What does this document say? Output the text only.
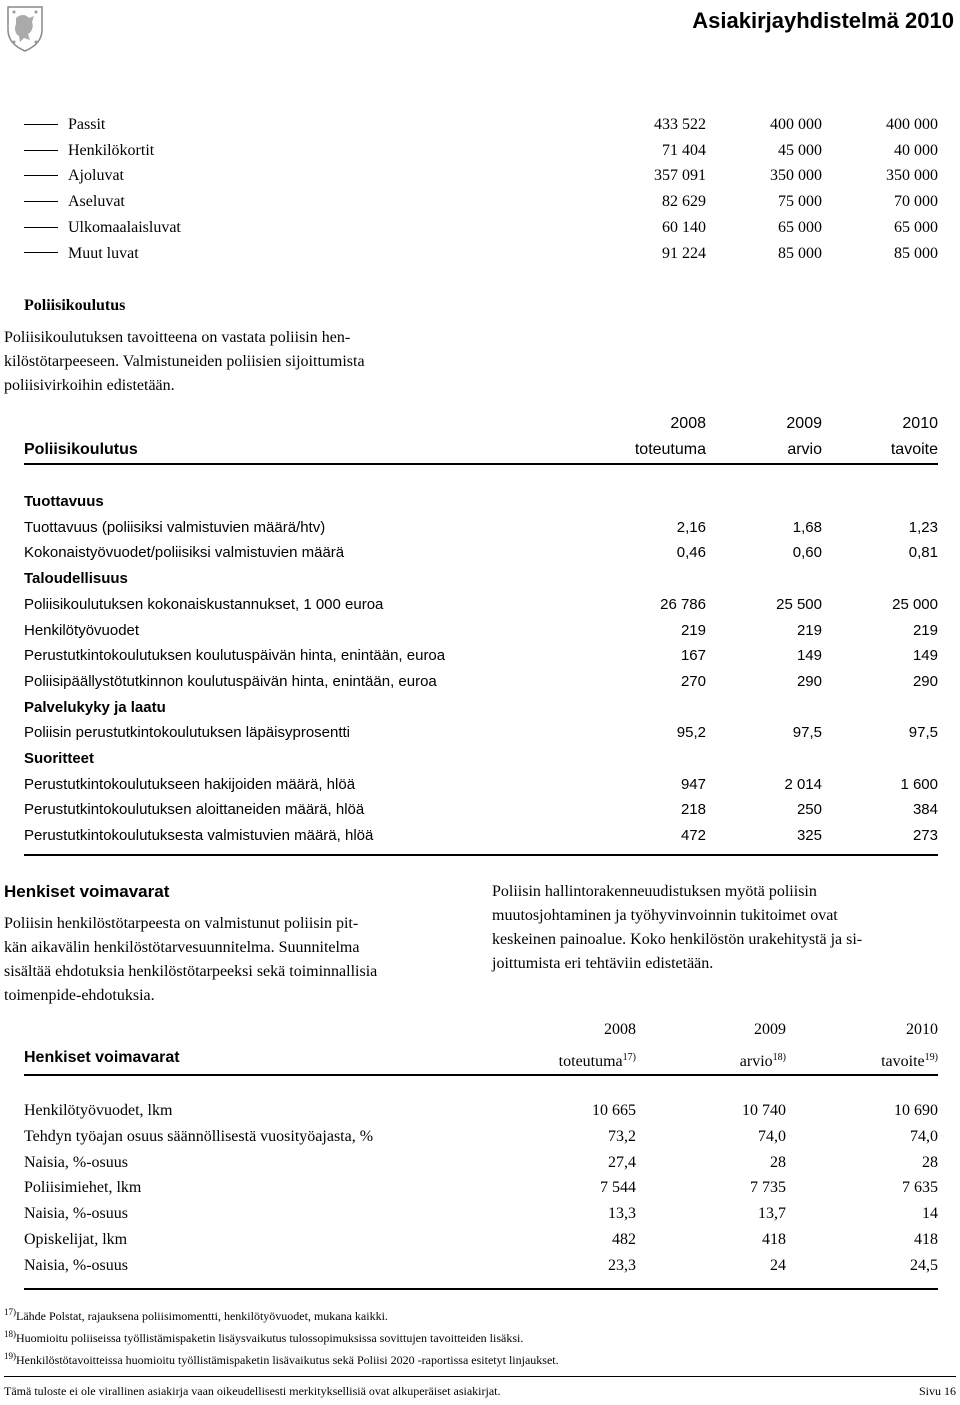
Asiakirjayhdistelmä 2010
Passit	433 522	400 000	400 000
Henkilökortit	71 404	45 000	40 000
Ajoluvat	357 091	350 000	350 000
Aseluvat	82 629	75 000	70 000
Ulkomaalaisluvat	60 140	65 000	65 000
Muut luvat	91 224	85 000	85 000
Poliisikoulutus
Poliisikoulutuksen tavoitteena on vastata poliisin hen-
kilöstötarpeeseen. Valmistuneiden poliisien sijoittumista
poliisivirkoihin edistetään.
2008	2009	2010
Poliisikoulutus	toteutuma	arvio	tavoite
Tuottavuus
Tuottavuus (poliisiksi valmistuvien määrä/htv)	2,16	1,68	1,23
Kokonaistyövuodet/poliisiksi valmistuvien määrä	0,46	0,60	0,81
Taloudellisuus
Poliisikoulutuksen kokonaiskustannukset, 1 000 euroa	26 786	25 500	25 000
Henkilötyövuodet	219	219	219
Perustutkintokoulutuksen koulutuspäivän hinta, enintään, euroa	167	149	149
Poliisipäällystötutkinnon koulutuspäivän hinta, enintään, euroa	270	290	290
Palvelukyky ja laatu
Poliisin perustutkintokoulutuksen läpäisyprosentti	95,2	97,5	97,5
Suoritteet
Perustutkintokoulutukseen hakijoiden määrä, hlöä	947	2 014	1 600
Perustutkintokoulutuksen aloittaneiden määrä, hlöä	218	250	384
Perustutkintokoulutuksesta valmistuvien määrä, hlöä	472	325	273
Henkiset voimavarat
Poliisin henkilöstötarpeesta on valmistunut poliisin pit-
kän aikavälin henkilöstötarvesuunnitelma. Suunnitelma
sisältää ehdotuksia henkilöstötarpeeksi sekä toiminnallisia
toimenpide-ehdotuksia.
Poliisin hallintorakenneuudistuksen myötä poliisin
muutosjohtaminen ja työhyvinvoinnin tukitoimet ovat
keskeinen painoalue. Koko henkilöstön urakehitystä ja si-
joittumista eri tehtäviin edistetään.
2008	2009	2010
Henkiset voimavarat	toteutuma$^{17)}$	arvio$^{18)}$	tavoite$^{19)}$
Henkilötyövuodet, lkm	10 665	10 740	10 690
Tehdyn työajan osuus säännöllisestä vuosityöajasta, %	73,2	74,0	74,0
Naisia, %-osuus	27,4	28	28
Poliisimiehet, lkm	7 544	7 735	7 635
Naisia, %-osuus	13,3	13,7	14
Opiskelijat, lkm	482	418	418
Naisia, %-osuus	23,3	24	24,5
$^{17)}$Lähde Polstat, rajauksena poliisimomentti, henkilötyövuodet, mukana kaikki.
$^{18)}$Huomioitu poliiseissa työllistämispaketin lisäysvaikutus tulossopimuksissa sovittujen tavoitteiden lisäksi.
$^{19)}$Henkilöstötavoitteissa huomioitu työllistämispaketin lisävaikutus sekä Poliisi 2020 -raportissa esitetyt linjaukset.
Tämä tuloste ei ole virallinen asiakirja vaan oikeudellisesti merkityksellisiä ovat alkuperäiset asiakirjat.	Sivu 16
